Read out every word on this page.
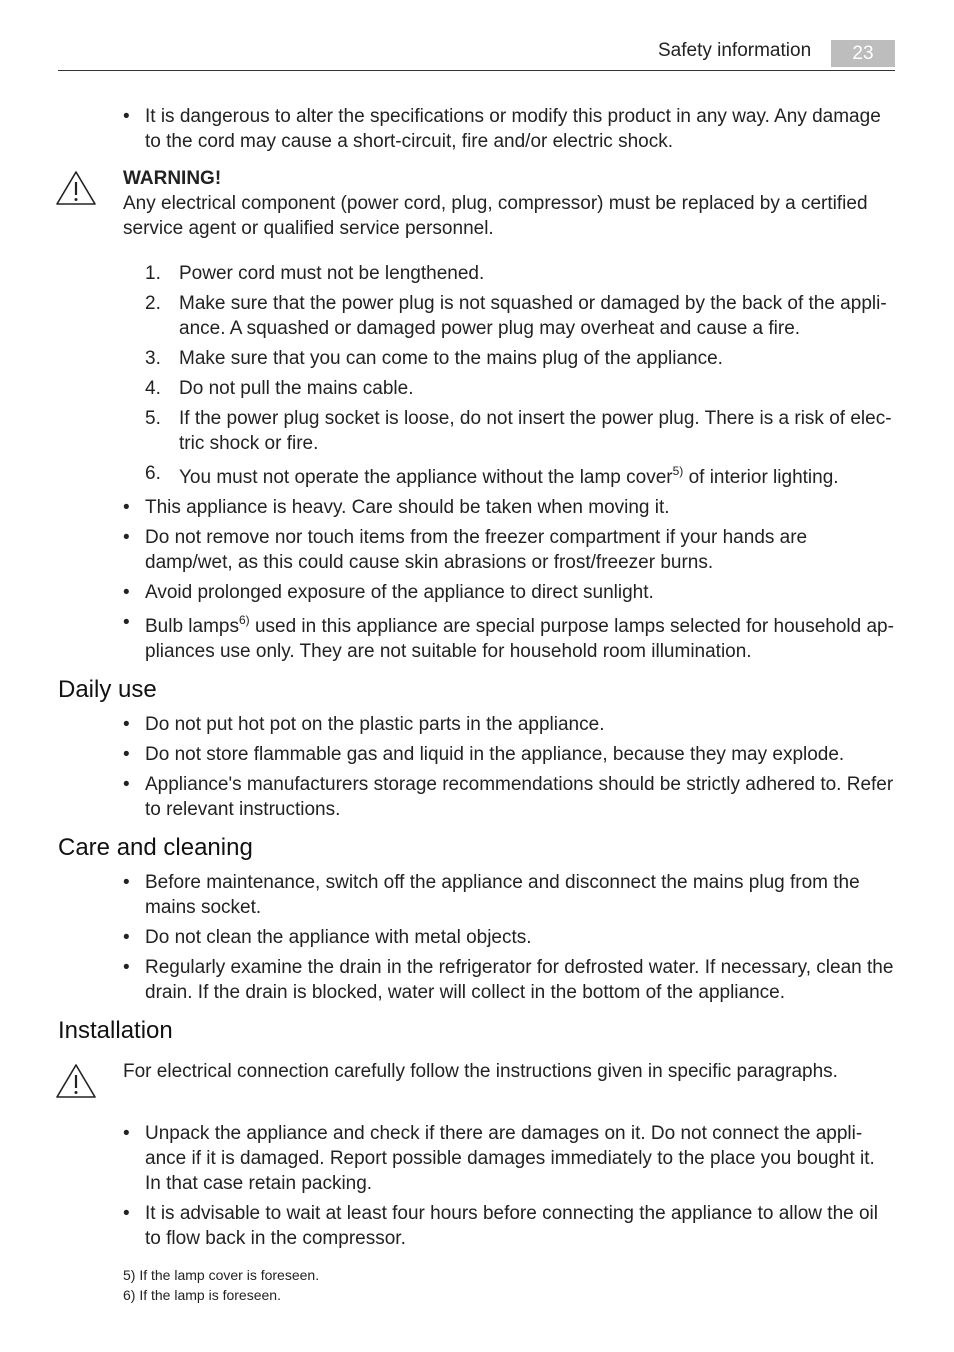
Safety information	23
• It is dangerous to alter the specifications or modify this product in any way. Any damage to the cord may cause a short-circuit, fire and/or electric shock.
WARNING!
Any electrical component (power cord, plug, compressor) must be replaced by a certified service agent or qualified service personnel.
1. Power cord must not be lengthened.
2. Make sure that the power plug is not squashed or damaged by the back of the appliance. A squashed or damaged power plug may overheat and cause a fire.
3. Make sure that you can come to the mains plug of the appliance.
4. Do not pull the mains cable.
5. If the power plug socket is loose, do not insert the power plug. There is a risk of electric shock or fire.
6. You must not operate the appliance without the lamp cover$^{5)}$ of interior lighting.
• This appliance is heavy. Care should be taken when moving it.
• Do not remove nor touch items from the freezer compartment if your hands are damp/wet, as this could cause skin abrasions or frost/freezer burns.
• Avoid prolonged exposure of the appliance to direct sunlight.
• Bulb lamps$^{6)}$ used in this appliance are special purpose lamps selected for household appliances use only. They are not suitable for household room illumination.
Daily use
• Do not put hot pot on the plastic parts in the appliance.
• Do not store flammable gas and liquid in the appliance, because they may explode.
• Appliance's manufacturers storage recommendations should be strictly adhered to. Refer to relevant instructions.
Care and cleaning
• Before maintenance, switch off the appliance and disconnect the mains plug from the mains socket.
• Do not clean the appliance with metal objects.
• Regularly examine the drain in the refrigerator for defrosted water. If necessary, clean the drain. If the drain is blocked, water will collect in the bottom of the appliance.
Installation
For electrical connection carefully follow the instructions given in specific paragraphs.
• Unpack the appliance and check if there are damages on it. Do not connect the appliance if it is damaged. Report possible damages immediately to the place you bought it. In that case retain packing.
• It is advisable to wait at least four hours before connecting the appliance to allow the oil to flow back in the compressor.
5) If the lamp cover is foreseen.
6) If the lamp is foreseen.
